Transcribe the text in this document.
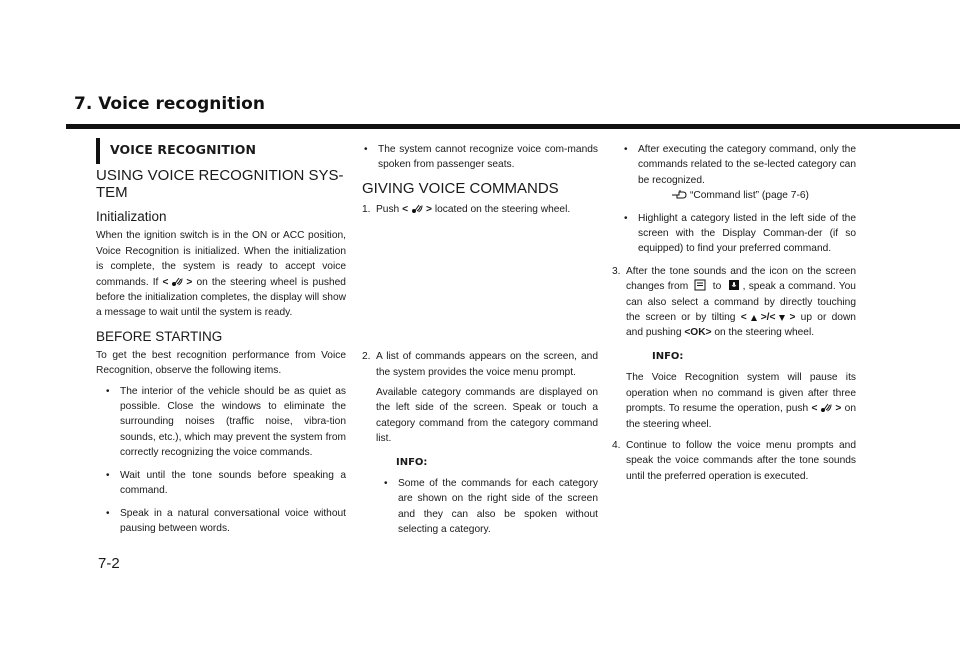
7. Voice recognition
VOICE RECOGNITION
USING VOICE RECOGNITION SYS-TEM
Initialization

When the ignition switch is in the ON or ACC position, Voice Recognition is initialized. When the initialization is complete, the system is ready to accept voice commands. If < > on the steering wheel is pushed before the initialization completes, the display will show a message to wait until the system is ready.

BEFORE STARTING

To get the best recognition performance from Voice Recognition, observe the following items.

• The interior of the vehicle should be as quiet as possible. Close the windows to eliminate the surrounding noises (traffic noise, vibra-tion sounds, etc.), which may prevent the system from correctly recognizing the voice commands.
• Wait until the tone sounds before speaking a command.
• Speak in a natural conversational voice without pausing between words.
• The system cannot recognize voice com-mands spoken from passenger seats.
GIVING VOICE COMMANDS
1. Push < > located on the steering wheel.
2. A list of commands appears on the screen, and the system provides the voice menu prompt.

Available category commands are displayed on the left side of the screen. Speak or touch a category command from the category command list.

INFO:
• Some of the commands for each category are shown on the right side of the screen and they can also be spoken without selecting a category.
• After executing the category command, only the commands related to the se-lected category can be recognized.
“Command list” (page 7-6)
• Highlight a category listed in the left side of the screen with the Display Comman-der (if so equipped) to find your preferred command.
3. After the tone sounds and the icon on the screen changes from to , speak a command. You can also select a command by directly touching the screen or by tilting < >/< > up or down and pushing <OK> on the steering wheel.

INFO:

The Voice Recognition system will pause its operation when no command is given after three prompts. To resume the operation, push < > on the steering wheel.

4. Continue to follow the voice menu prompts and speak the voice commands after the tone sounds until the preferred operation is executed.

7-2
